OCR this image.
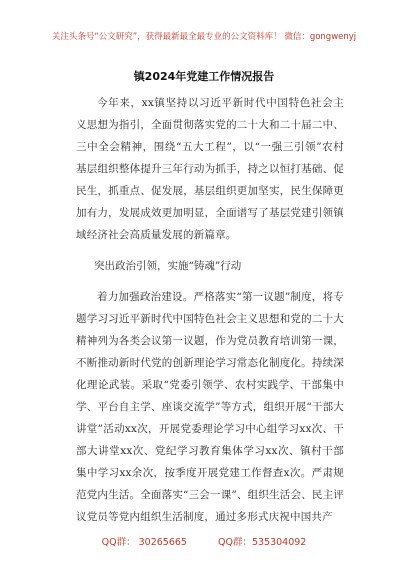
关注头条号“公文研究”，获得最新最全最专业的公文资料库！ 微信：gongwenyj
镇2024年党建工作情况报告

今年来，xx镇坚持以习近平新时代中国特色社会主义思想为指引，全面贯彻落实党的二十大和二十届二中、三中全会精神，围绕“五大工程”，以“一强三引领”农村基层组织整体提升三年行动为抓手，持之以恒打基础、促民生，抓重点、促发展，基层组织更加坚实，民生保障更加有力，发展成效更加明显，全面谱写了基层党建引领镇域经济社会高质量发展的新篇章。

突出政治引领，实施“铸魂”行动

着力加强政治建设。严格落实“第一议题”制度，将专题学习习近平新时代中国特色社会主义思想和党的二十大精神列为各类会议第一议题，作为党员教育培训第一课，不断推动新时代党的创新理论学习常态化制度化。持续深化理论武装。采取“党委引领学、农村实践学、干部集中学、平台自主学、座谈交流学”等方式，组织开展“干部大讲堂”活动xx次，开展党委理论学习中心组学习xx次、干部大讲堂xx次、党纪学习教育集体学习xx次、镇村干部集中学习xx余次，按季度开展党建工作督查x次。严肃规范党内生活。全面落实“三会一课”、组织生活会、民主评议党员等党内组织生活制度，通过多形式庆祝中国共产

QQ群： 30265665	QQ群：535304092
